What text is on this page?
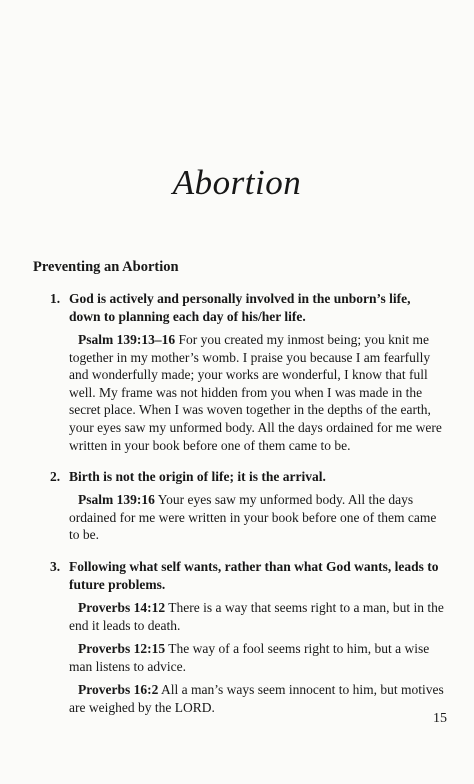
Abortion
Preventing an Abortion
1. God is actively and personally involved in the unborn’s life, down to planning each day of his/her life.

Psalm 139:13–16 For you created my inmost being; you knit me together in my mother’s womb. I praise you because I am fearfully and wonderfully made; your works are wonderful, I know that full well. My frame was not hidden from you when I was made in the secret place. When I was woven together in the depths of the earth, your eyes saw my unformed body. All the days ordained for me were written in your book before one of them came to be.

2. Birth is not the origin of life; it is the arrival.

Psalm 139:16 Your eyes saw my unformed body. All the days ordained for me were written in your book before one of them came to be.

3. Following what self wants, rather than what God wants, leads to future problems.

Proverbs 14:12 There is a way that seems right to a man, but in the end it leads to death.

Proverbs 12:15 The way of a fool seems right to him, but a wise man listens to advice.

Proverbs 16:2 All a man’s ways seem innocent to him, but motives are weighed by the LORD.

15
